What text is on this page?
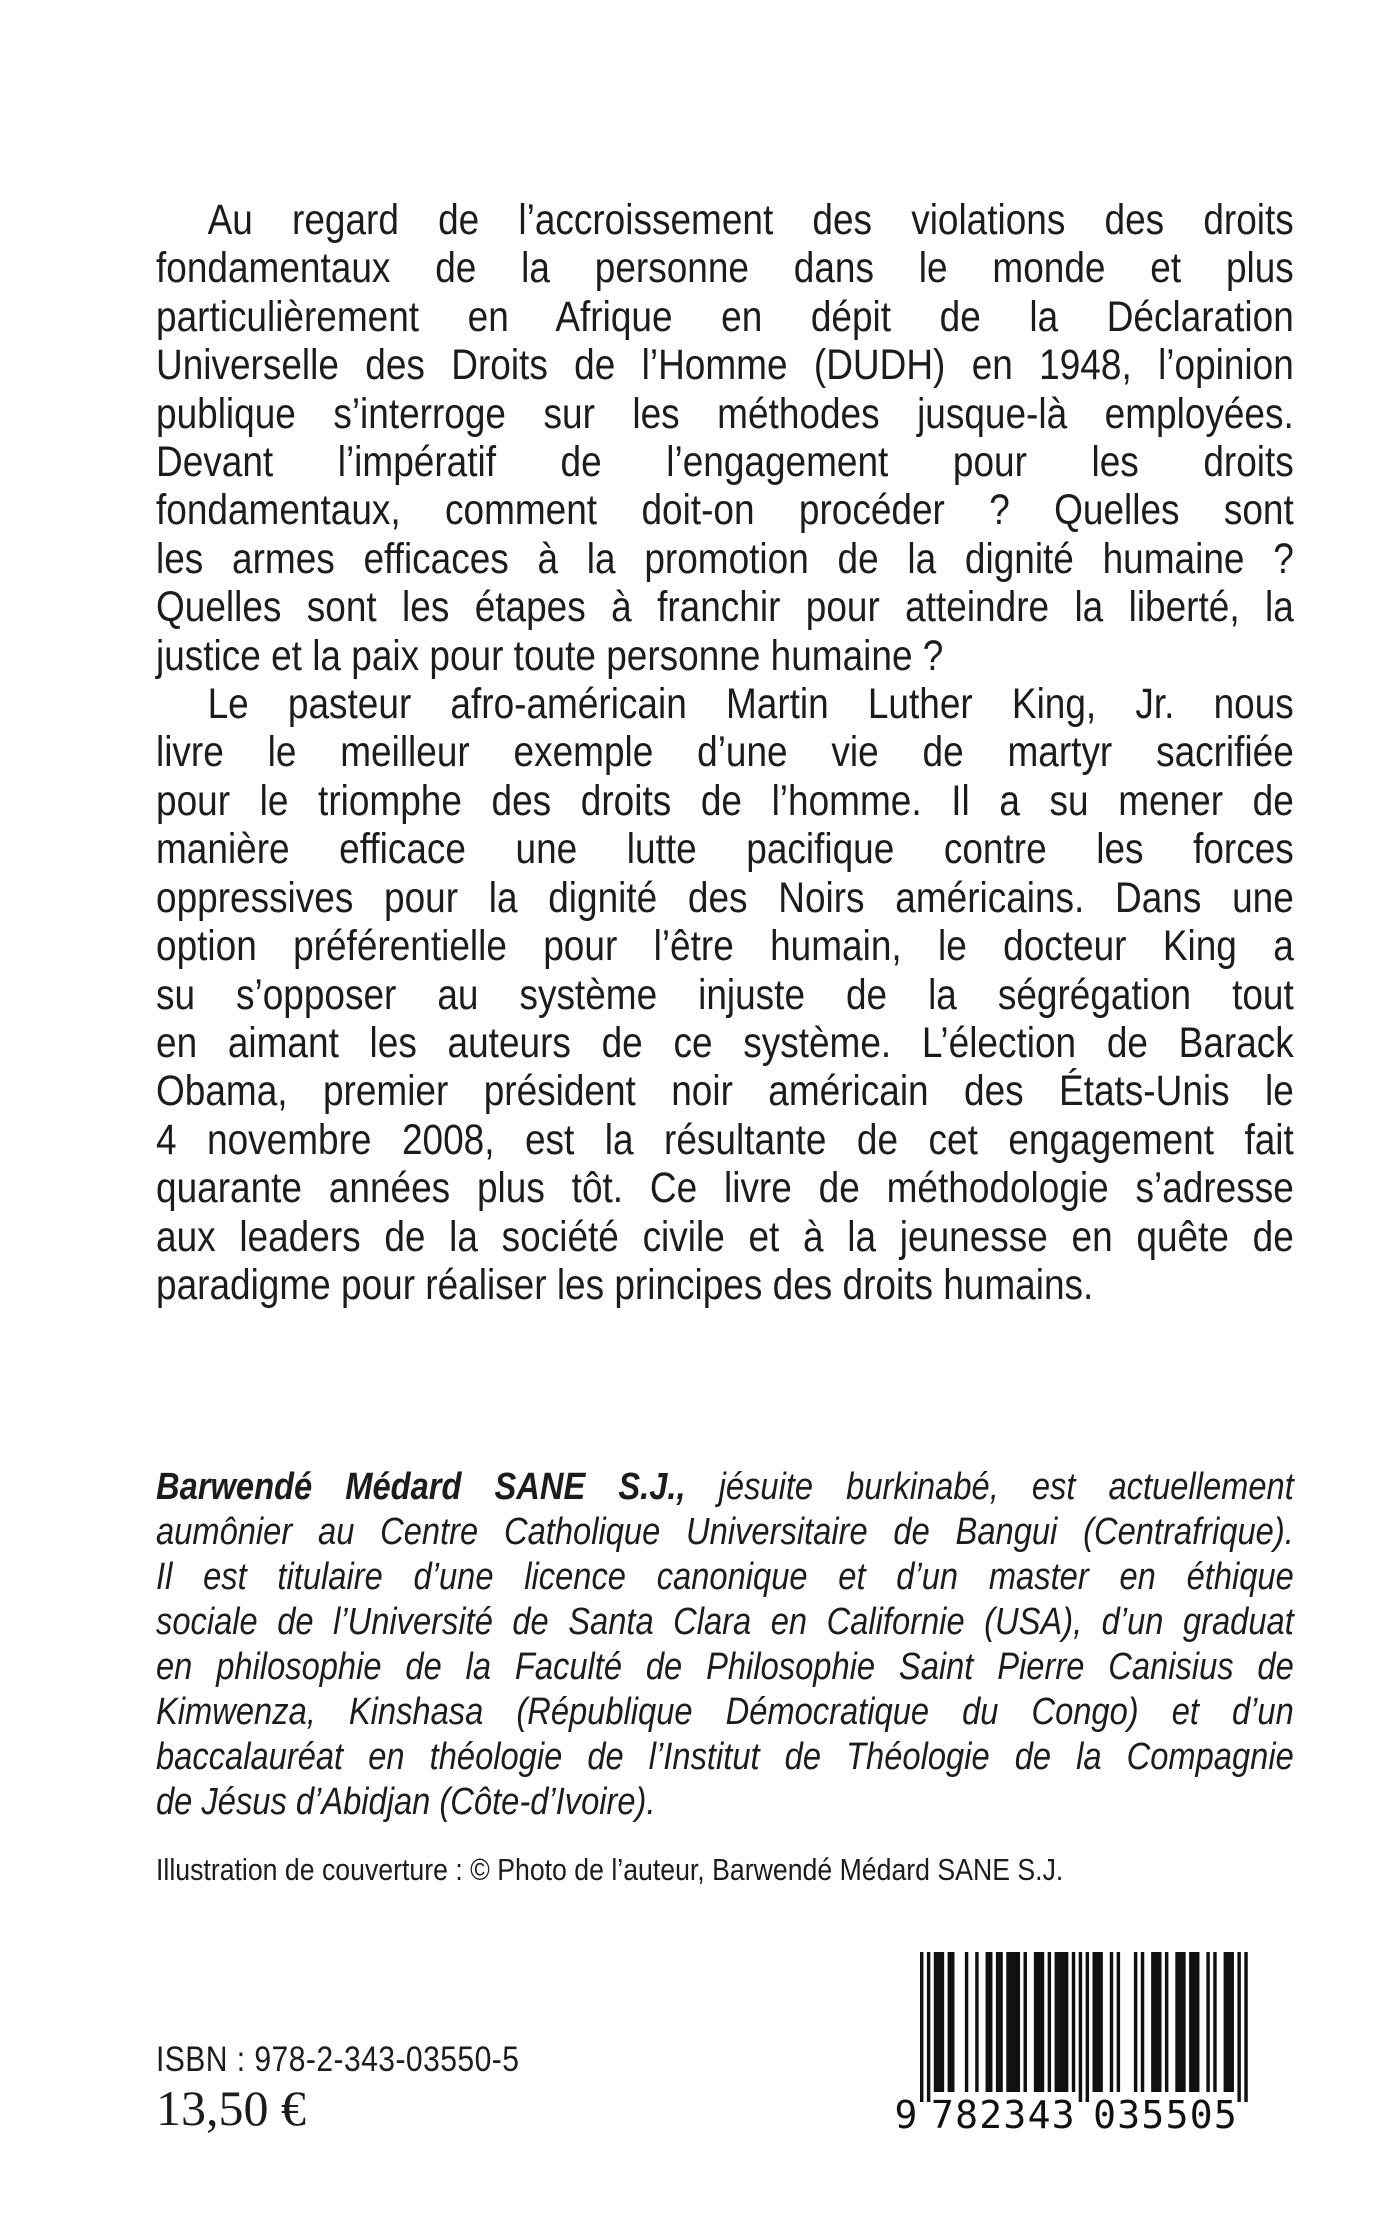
Au regard de l’accroissement des violations des droits
fondamentaux de la personne dans le monde et plus
particulièrement en Afrique en dépit de la Déclaration
Universelle des Droits de l’Homme (DUDH) en 1948, l’opinion
publique s’interroge sur les méthodes jusque-là employées.
Devant l’impératif de l’engagement pour les droits
fondamentaux, comment doit-on procéder ? Quelles sont
les armes efficaces à la promotion de la dignité humaine ?
Quelles sont les étapes à franchir pour atteindre la liberté, la
justice et la paix pour toute personne humaine ?
Le pasteur afro-américain Martin Luther King, Jr. nous
livre le meilleur exemple d’une vie de martyr sacrifiée
pour le triomphe des droits de l’homme. Il a su mener de
manière efficace une lutte pacifique contre les forces
oppressives pour la dignité des Noirs américains. Dans une
option préférentielle pour l’être humain, le docteur King a
su s’opposer au système injuste de la ségrégation tout
en aimant les auteurs de ce système. L’élection de Barack
Obama, premier président noir américain des États-Unis le
4 novembre 2008, est la résultante de cet engagement fait
quarante années plus tôt. Ce livre de méthodologie s’adresse
aux leaders de la société civile et à la jeunesse en quête de
paradigme pour réaliser les principes des droits humains.
Barwendé Médard SANE S.J., jésuite burkinabé, est actuellement
aumônier au Centre Catholique Universitaire de Bangui (Centrafrique).
Il est titulaire d’une licence canonique et d’un master en éthique
sociale de l’Université de Santa Clara en Californie (USA), d’un graduat
en philosophie de la Faculté de Philosophie Saint Pierre Canisius de
Kimwenza, Kinshasa (République Démocratique du Congo) et d’un
baccalauréat en théologie de l’Institut de Théologie de la Compagnie
de Jésus d’Abidjan (Côte-d’Ivoire).
Illustration de couverture : © Photo de l’auteur, Barwendé Médard SANE S.J.
ISBN : 978-2-343-03550-5
13,50 €	9 7 8 2 3 4 3 0 3 5 5 0 5
